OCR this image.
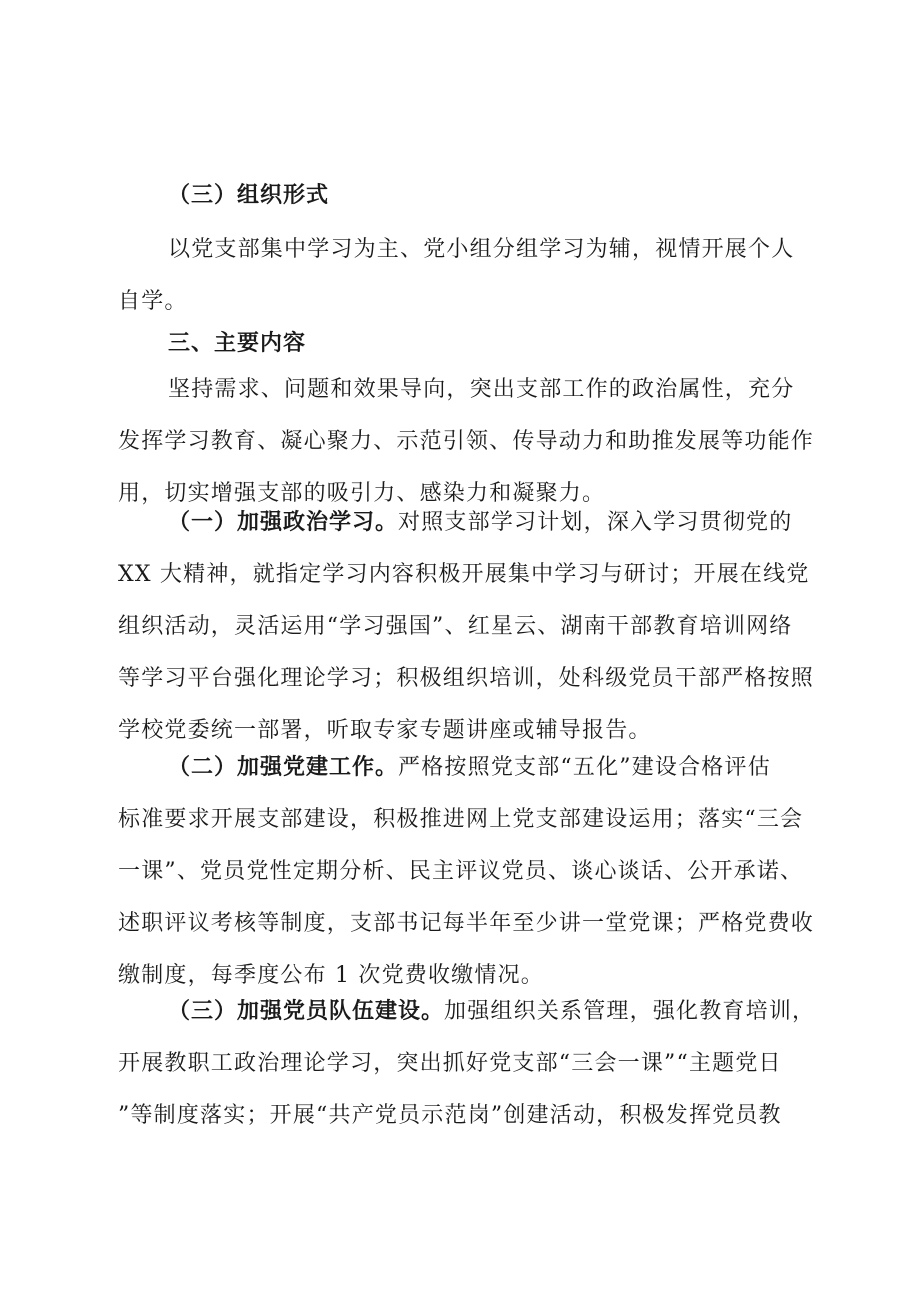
（三）组织形式
以党支部集中学习为主、党小组分组学习为辅，视情开展个人
自学。
三、主要内容
坚持需求、问题和效果导向，突出支部工作的政治属性，充分
发挥学习教育、凝心聚力、示范引领、传导动力和助推发展等功能作
用，切实增强支部的吸引力、感染力和凝聚力。
（一）加强政治学习。对照支部学习计划，深入学习贯彻党的
XX 大精神，就指定学习内容积极开展集中学习与研讨；开展在线党
组织活动，灵活运用“学习强国”、红星云、湖南干部教育培训网络
等学习平台强化理论学习；积极组织培训，处科级党员干部严格按照
学校党委统一部署，听取专家专题讲座或辅导报告。
（二）加强党建工作。严格按照党支部“五化”建设合格评估
标准要求开展支部建设，积极推进网上党支部建设运用；落实“三会
一课”、党员党性定期分析、民主评议党员、谈心谈话、公开承诺、
述职评议考核等制度，支部书记每半年至少讲一堂党课；严格党费收
缴制度，每季度公布 1 次党费收缴情况。
（三）加强党员队伍建设。加强组织关系管理，强化教育培训，
开展教职工政治理论学习，突出抓好党支部“三会一课”“主题党日
”等制度落实；开展“共产党员示范岗”创建活动，积极发挥党员教
